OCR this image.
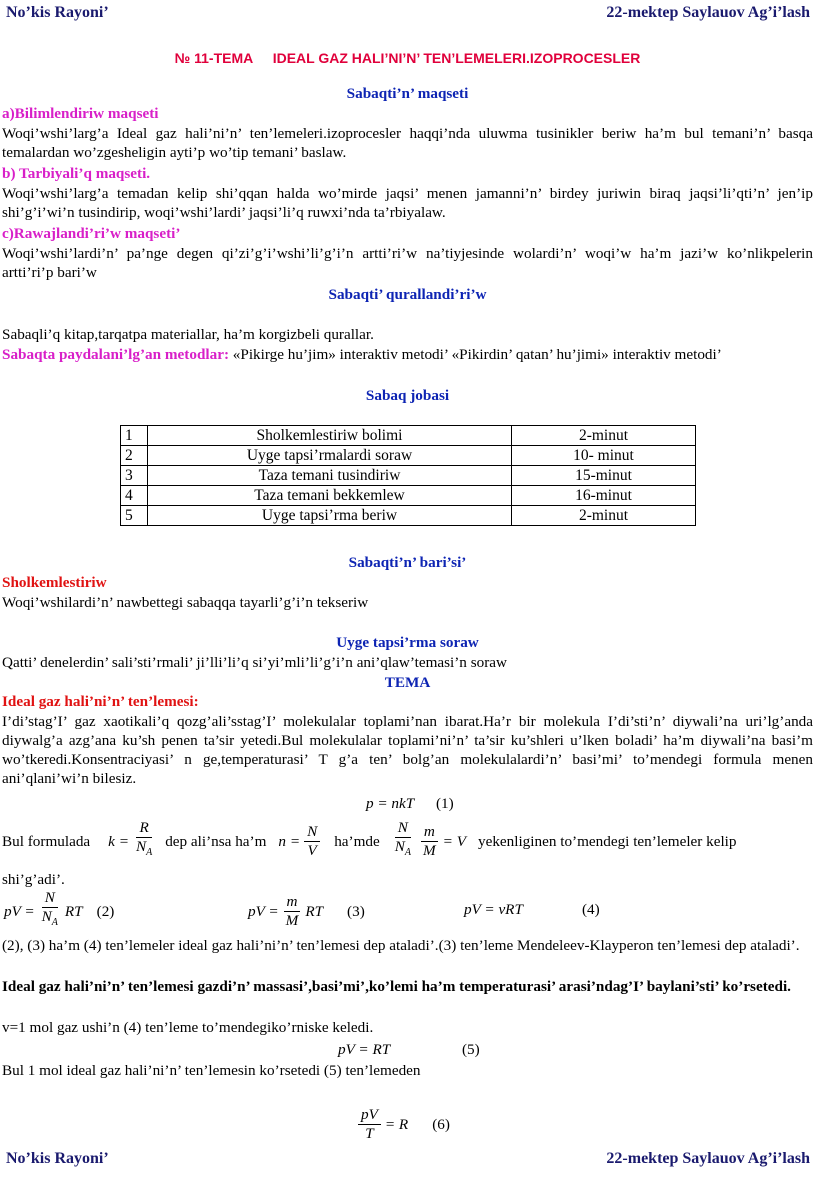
No’kis Rayoni’	22-mektep Saylauov Ag’i’lash
№ 11-TEMA IDEAL GAZ HALI’NI’N’ TEN’LEMELERI.IZOPROCESLER
Sabaqti’n’ maqseti
a)Bilimlendiriw maqseti
Woqi’wshi’larg’a Ideal gaz hali’ni’n’ ten’lemeleri.izoprocesler haqqi’nda uluwma tusinikler beriw ha’m bul temani’n’ basqa temalardan wo’zgesheligin ayti’p wo’tip temani’ baslaw.
b) Tarbiyali’q maqseti.
Woqi’wshi’larg’a temadan kelip shi’qqan halda wo’mirde jaqsi’ menen jamanni’n’ birdey juriwin biraq jaqsi’li’qti’n’ jen’ip shi’g’i’wi’n tusindirip, woqi’wshi’lardi’ jaqsi’li’q ruwxi’nda ta’rbiyalaw.
c)Rawajlandi’ri’w maqseti’
Woqi’wshi’lardi’n’ pa’nge degen qi’zi’g’i’wshi’li’g’i’n artti’ri’w na’tiyjesinde wolardi’n’ woqi’w ha’m jazi’w ko’nlikpelerin artti’ri’p bari’w
Sabaqti’ qurallandi’ri’w
Sabaqli’q kitap,tarqatpa materiallar, ha’m korgizbeli qurallar.
Sabaqta paydalani’lg’an metodlar: «Pikirge hu’jim» interaktiv metodi’ «Pikirdin’ qatan’ hu’jimi» interaktiv metodi’
Sabaq jobasi
1	Sholkemlestiriw bolimi	2-minut
2	Uyge tapsi’rmalardi soraw	10- minut
3	Taza temani tusindiriw	15-minut
4	Taza temani bekkemlew	16-minut
5	Uyge tapsi’rma beriw	2-minut
Sabaqti’n’ bari’si’
Sholkemlestiriw
Woqi’wshilardi’n’ nawbettegi sabaqqa tayarli’g’i’n tekseriw
Uyge tapsi’rma soraw
Qatti’ denelerdin’ sali’sti’rmali’ ji’lli’li’q si’yi’mli’li’g’i’n ani’qlaw’temasi’n soraw
TEMA
Ideal gaz hali’ni’n’ ten’lemesi:
I’di’stag’I’ gaz xaotikali’q qozg’ali’sstag’I’ molekulalar toplami’nan ibarat.Ha’r bir molekula I’di’sti’n’ diywali’na uri’lg’anda diywalg’a azg’ana ku’sh penen ta’sir yetedi.Bul molekulalar toplami’ni’n’ ta’sir ku’shleri u’lken boladi’ ha’m diywali’na basi’m wo’tkeredi.Konsentraciyasi’ n ge,temperaturasi’ T g’a ten’ bolg’an molekulalardi’n’ basi’mi’ to’mendegi formula menen ani’qlani’wi’n bilesiz.
p = nkT (1)
Bul formulada $k = \frac{R}{N_A}$ dep ali’nsa ha’m $n = \frac{N}{V}$ ha’mde $\frac{N}{N_A} \frac{m}{M} = V$ yekenliginen to’mendegi ten’lemeler kelip
shi’g’adi’.
pV = $\frac{N}{N_A}$ RT (2)	pV = $\frac{m}{M}$ RT (3)	pV = νRT	(4)
(2), (3) ha’m (4) ten’lemeler ideal gaz hali’ni’n’ ten’lemesi dep ataladi’.(3) ten’leme Mendeleev-Klayperon ten’lemesi dep ataladi’.
Ideal gaz hali’ni’n’ ten’lemesi gazdi’n’ massasi’,basi’mi’,ko’lemi ha’m temperaturasi’ arasi’ndag’I’ baylani’sti’ ko’rsetedi.
v=1 mol gaz ushi’n (4) ten’leme to’mendegiko’rniske keledi.
pV = RT	(5)
Bul 1 mol ideal gaz hali’ni’n’ ten’lemesin ko’rsetedi (5) ten’lemeden
$\frac{pV}{T} = R$ (6)
No’kis Rayoni’	22-mektep Saylauov Ag’i’lash
